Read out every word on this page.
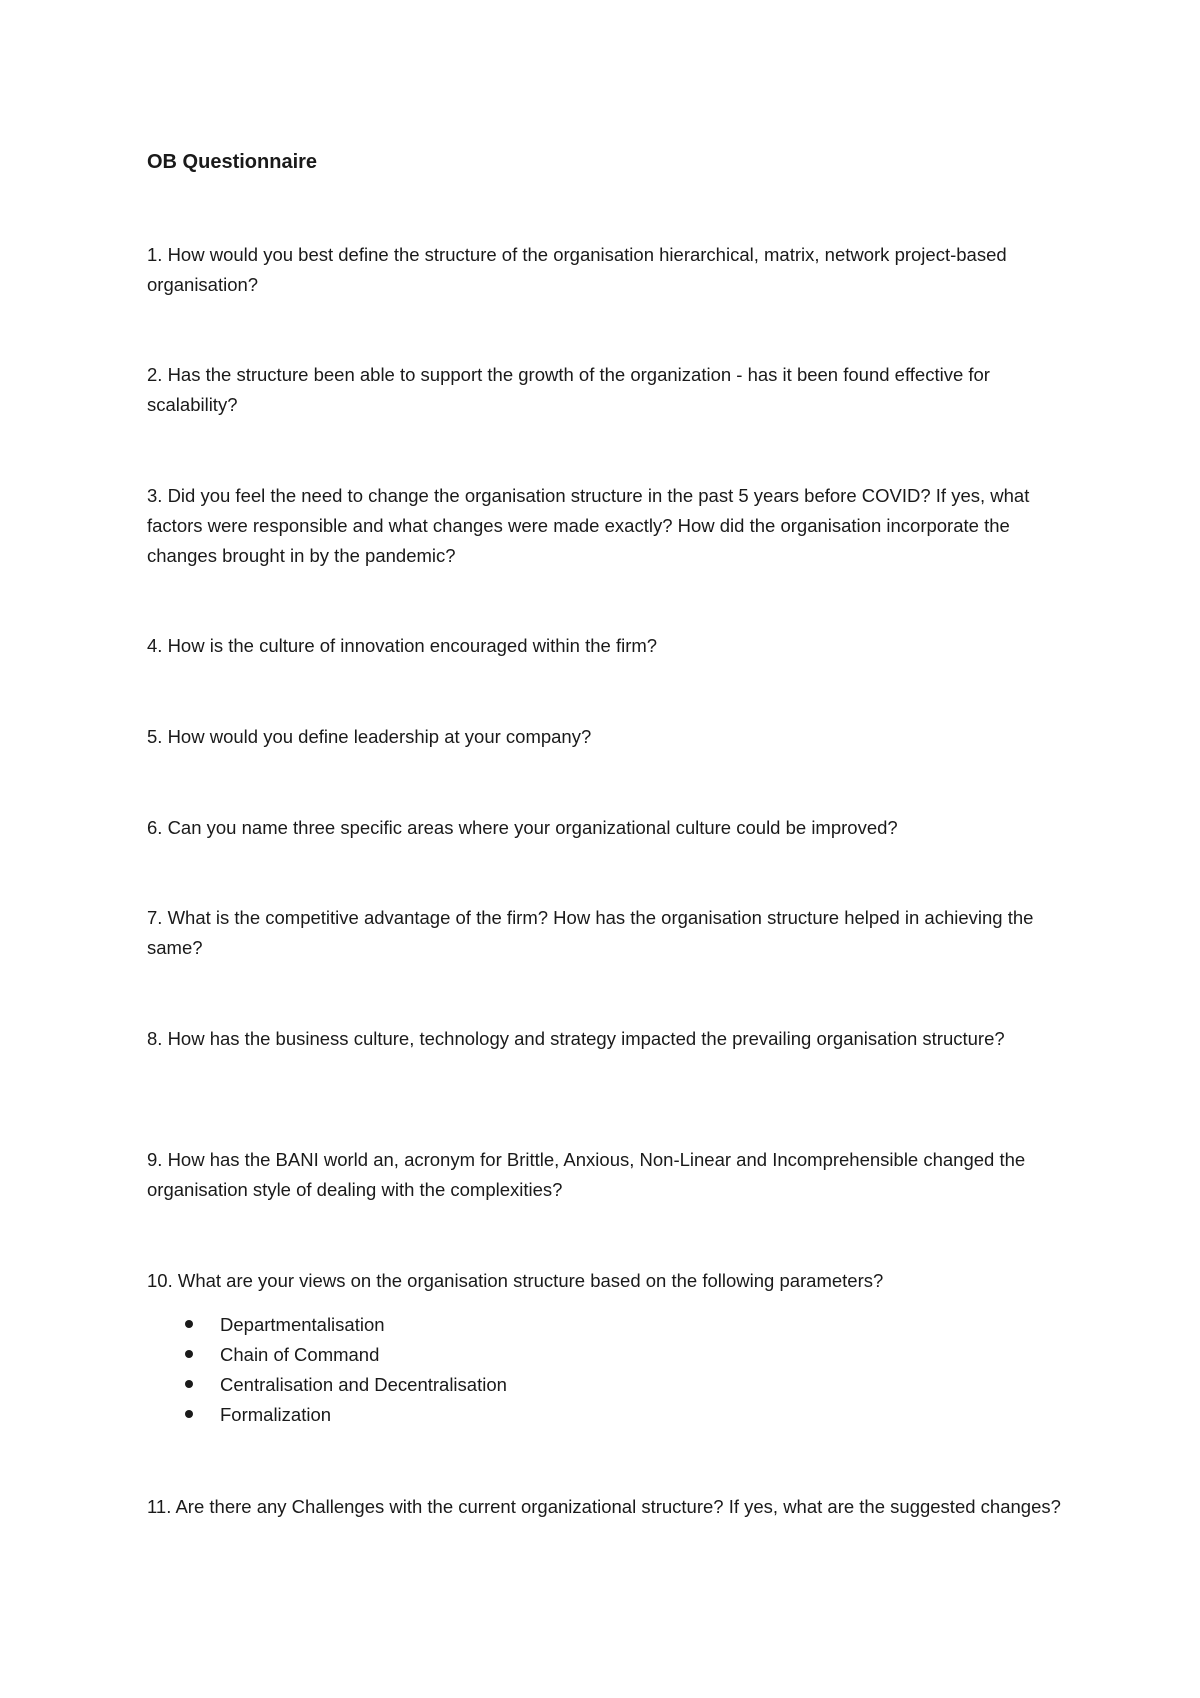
OB Questionnaire

1. How would you best define the structure of the organisation hierarchical, matrix, network project-based organisation?

2. Has the structure been able to support the growth of the organization - has it been found effective for scalability?

3. Did you feel the need to change the organisation structure in the past 5 years before COVID? If yes, what factors were responsible and what changes were made exactly? How did the organisation incorporate the changes brought in by the pandemic?

4. How is the culture of innovation encouraged within the firm?

5. How would you define leadership at your company?

6. Can you name three specific areas where your organizational culture could be improved?

7. What is the competitive advantage of the firm? How has the organisation structure helped in achieving the same?

8. How has the business culture, technology and strategy impacted the prevailing organisation structure?

9. How has the BANI world an, acronym for Brittle, Anxious, Non-Linear and Incomprehensible changed the organisation style of dealing with the complexities?

10. What are your views on the organisation structure based on the following parameters?

Departmentalisation
Chain of Command
Centralisation and Decentralisation
Formalization

11. Are there any Challenges with the current organizational structure? If yes, what are the suggested changes?
